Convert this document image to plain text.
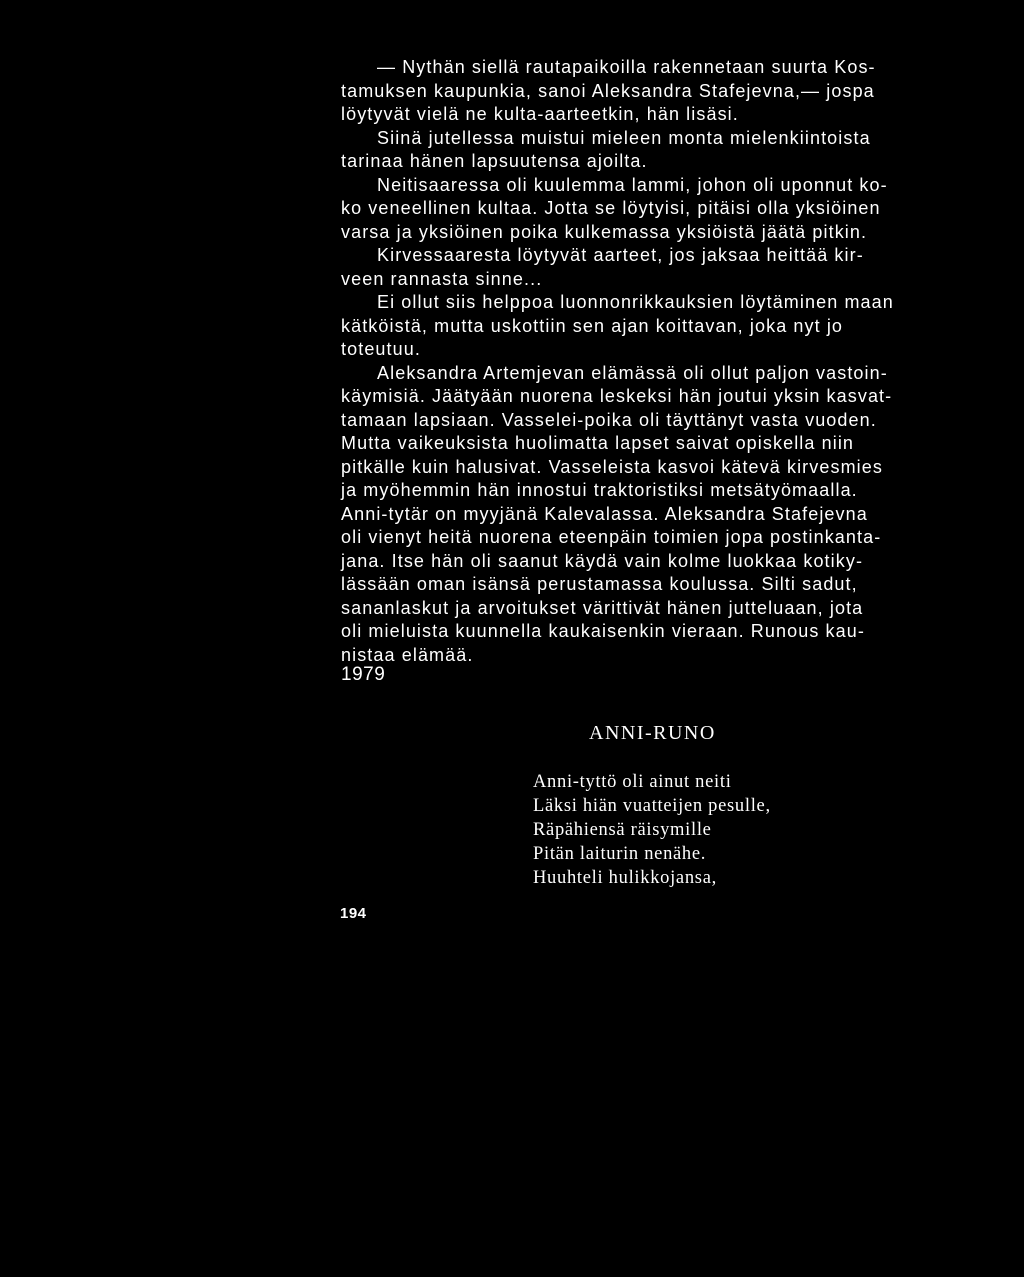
— Nythän siellä rautapaikoilla rakennetaan suurta Kos-
tamuksen kaupunkia, sanoi Aleksandra Stafejevna,— jospa
löytyvät vielä ne kulta-aarteetkin, hän lisäsi.
Siinä jutellessa muistui mieleen monta mielenkiintoista
tarinaa hänen lapsuutensa ajoilta.
Neitisaaressa oli kuulemma lammi, johon oli uponnut ko-
ko veneellinen kultaa. Jotta se löytyisi, pitäisi olla yksiöinen
varsa ja yksiöinen poika kulkemassa yksiöistä jäätä pitkin.
Kirvessaaresta löytyvät aarteet, jos jaksaa heittää kir-
veen rannasta sinne...
Ei ollut siis helppoa luonnonrikkauksien löytäminen maan
kätköistä, mutta uskottiin sen ajan koittavan, joka nyt jo
toteutuu.
Aleksandra Artemjevan elämässä oli ollut paljon vastoin-
käymisiä. Jäätyään nuorena leskeksi hän joutui yksin kasvat-
tamaan lapsiaan. Vasselei-poika oli täyttänyt vasta vuoden.
Mutta vaikeuksista huolimatta lapset saivat opiskella niin
pitkälle kuin halusivat. Vasseleista kasvoi kätevä kirvesmies
ja myöhemmin hän innostui traktoristiksi metsätyömaalla.
Anni-tytär on myyjänä Kalevalassa. Aleksandra Stafejevna
oli vienyt heitä nuorena eteenpäin toimien jopa postinkanta-
jana. Itse hän oli saanut käydä vain kolme luokkaa kotiky-
lässään oman isänsä perustamassa koulussa. Silti sadut,
sananlaskut ja arvoitukset värittivät hänen jutteluaan, jota
oli mieluista kuunnella kaukaisenkin vieraan. Runous kau-
nistaa elämää.
1979
ANNI-RUNO
Anni-tyttö oli ainut neiti
Läksi hiän vuatteijen pesulle,
Räpähiensä räisymille
Pitän laiturin nenähe.
Huuhteli hulikkojansa,
194
